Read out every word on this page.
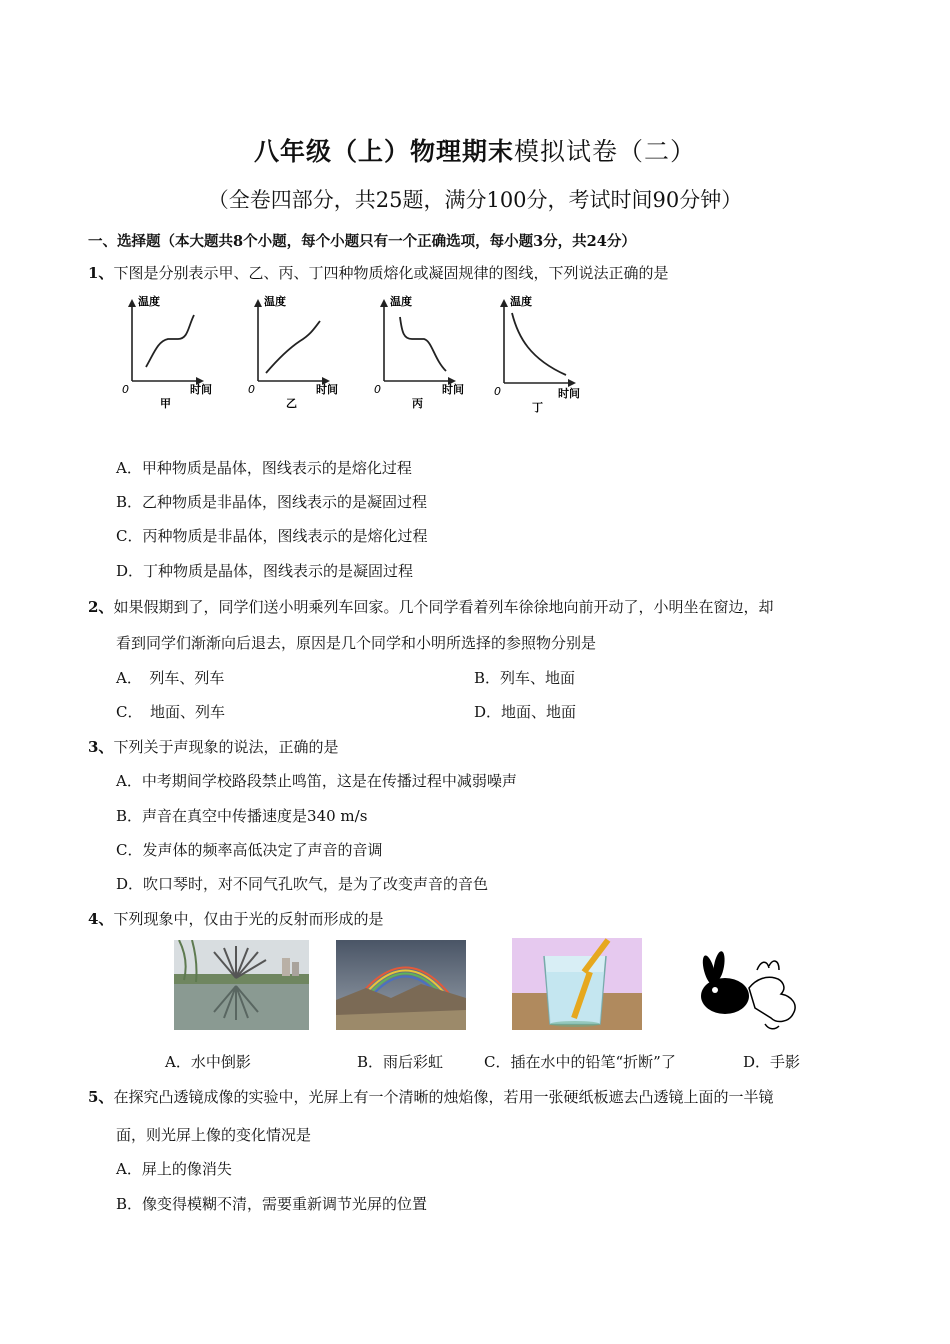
八年级（上）物理期末模拟试卷（二）
（全卷四部分，共25题，满分100分，考试时间90分钟）
一、选择题（本大题共8个小题，每个小题只有一个正确选项，每小题3分，共24分）
1、下图是分别表示甲、乙、丙、丁四种物质熔化或凝固规律的图线，下列说法正确的是
温度
0	时间
甲
温度
0	时间
乙
温度
0	时间
丙
温度
0	时间
丁
A．甲种物质是晶体，图线表示的是熔化过程
B．乙种物质是非晶体，图线表示的是凝固过程
C．丙种物质是非晶体，图线表示的是熔化过程
D．丁种物质是晶体，图线表示的是凝固过程
2、如果假期到了，同学们送小明乘列车回家。几个同学看着列车徐徐地向前开动了，小明坐在窗边，却
看到同学们渐渐向后退去，原因是几个同学和小明所选择的参照物分别是
A．　列车、列车	B．列车、地面
C．　地面、列车	D．地面、地面
3、下列关于声现象的说法，正确的是
A．中考期间学校路段禁止鸣笛，这是在传播过程中减弱噪声
B．声音在真空中传播速度是340 m/s
C．发声体的频率高低决定了声音的音调
D．吹口琴时，对不同气孔吹气，是为了改变声音的音色
4、下列现象中，仅由于光的反射而形成的是
A．水中倒影	B．雨后彩虹	C．插在水中的铅笔“折断”了	D．手影
5、在探究凸透镜成像的实验中，光屏上有一个清晰的烛焰像，若用一张硬纸板遮去凸透镜上面的一半镜
面，则光屏上像的变化情况是
A．屏上的像消失
B．像变得模糊不清，需要重新调节光屏的位置
